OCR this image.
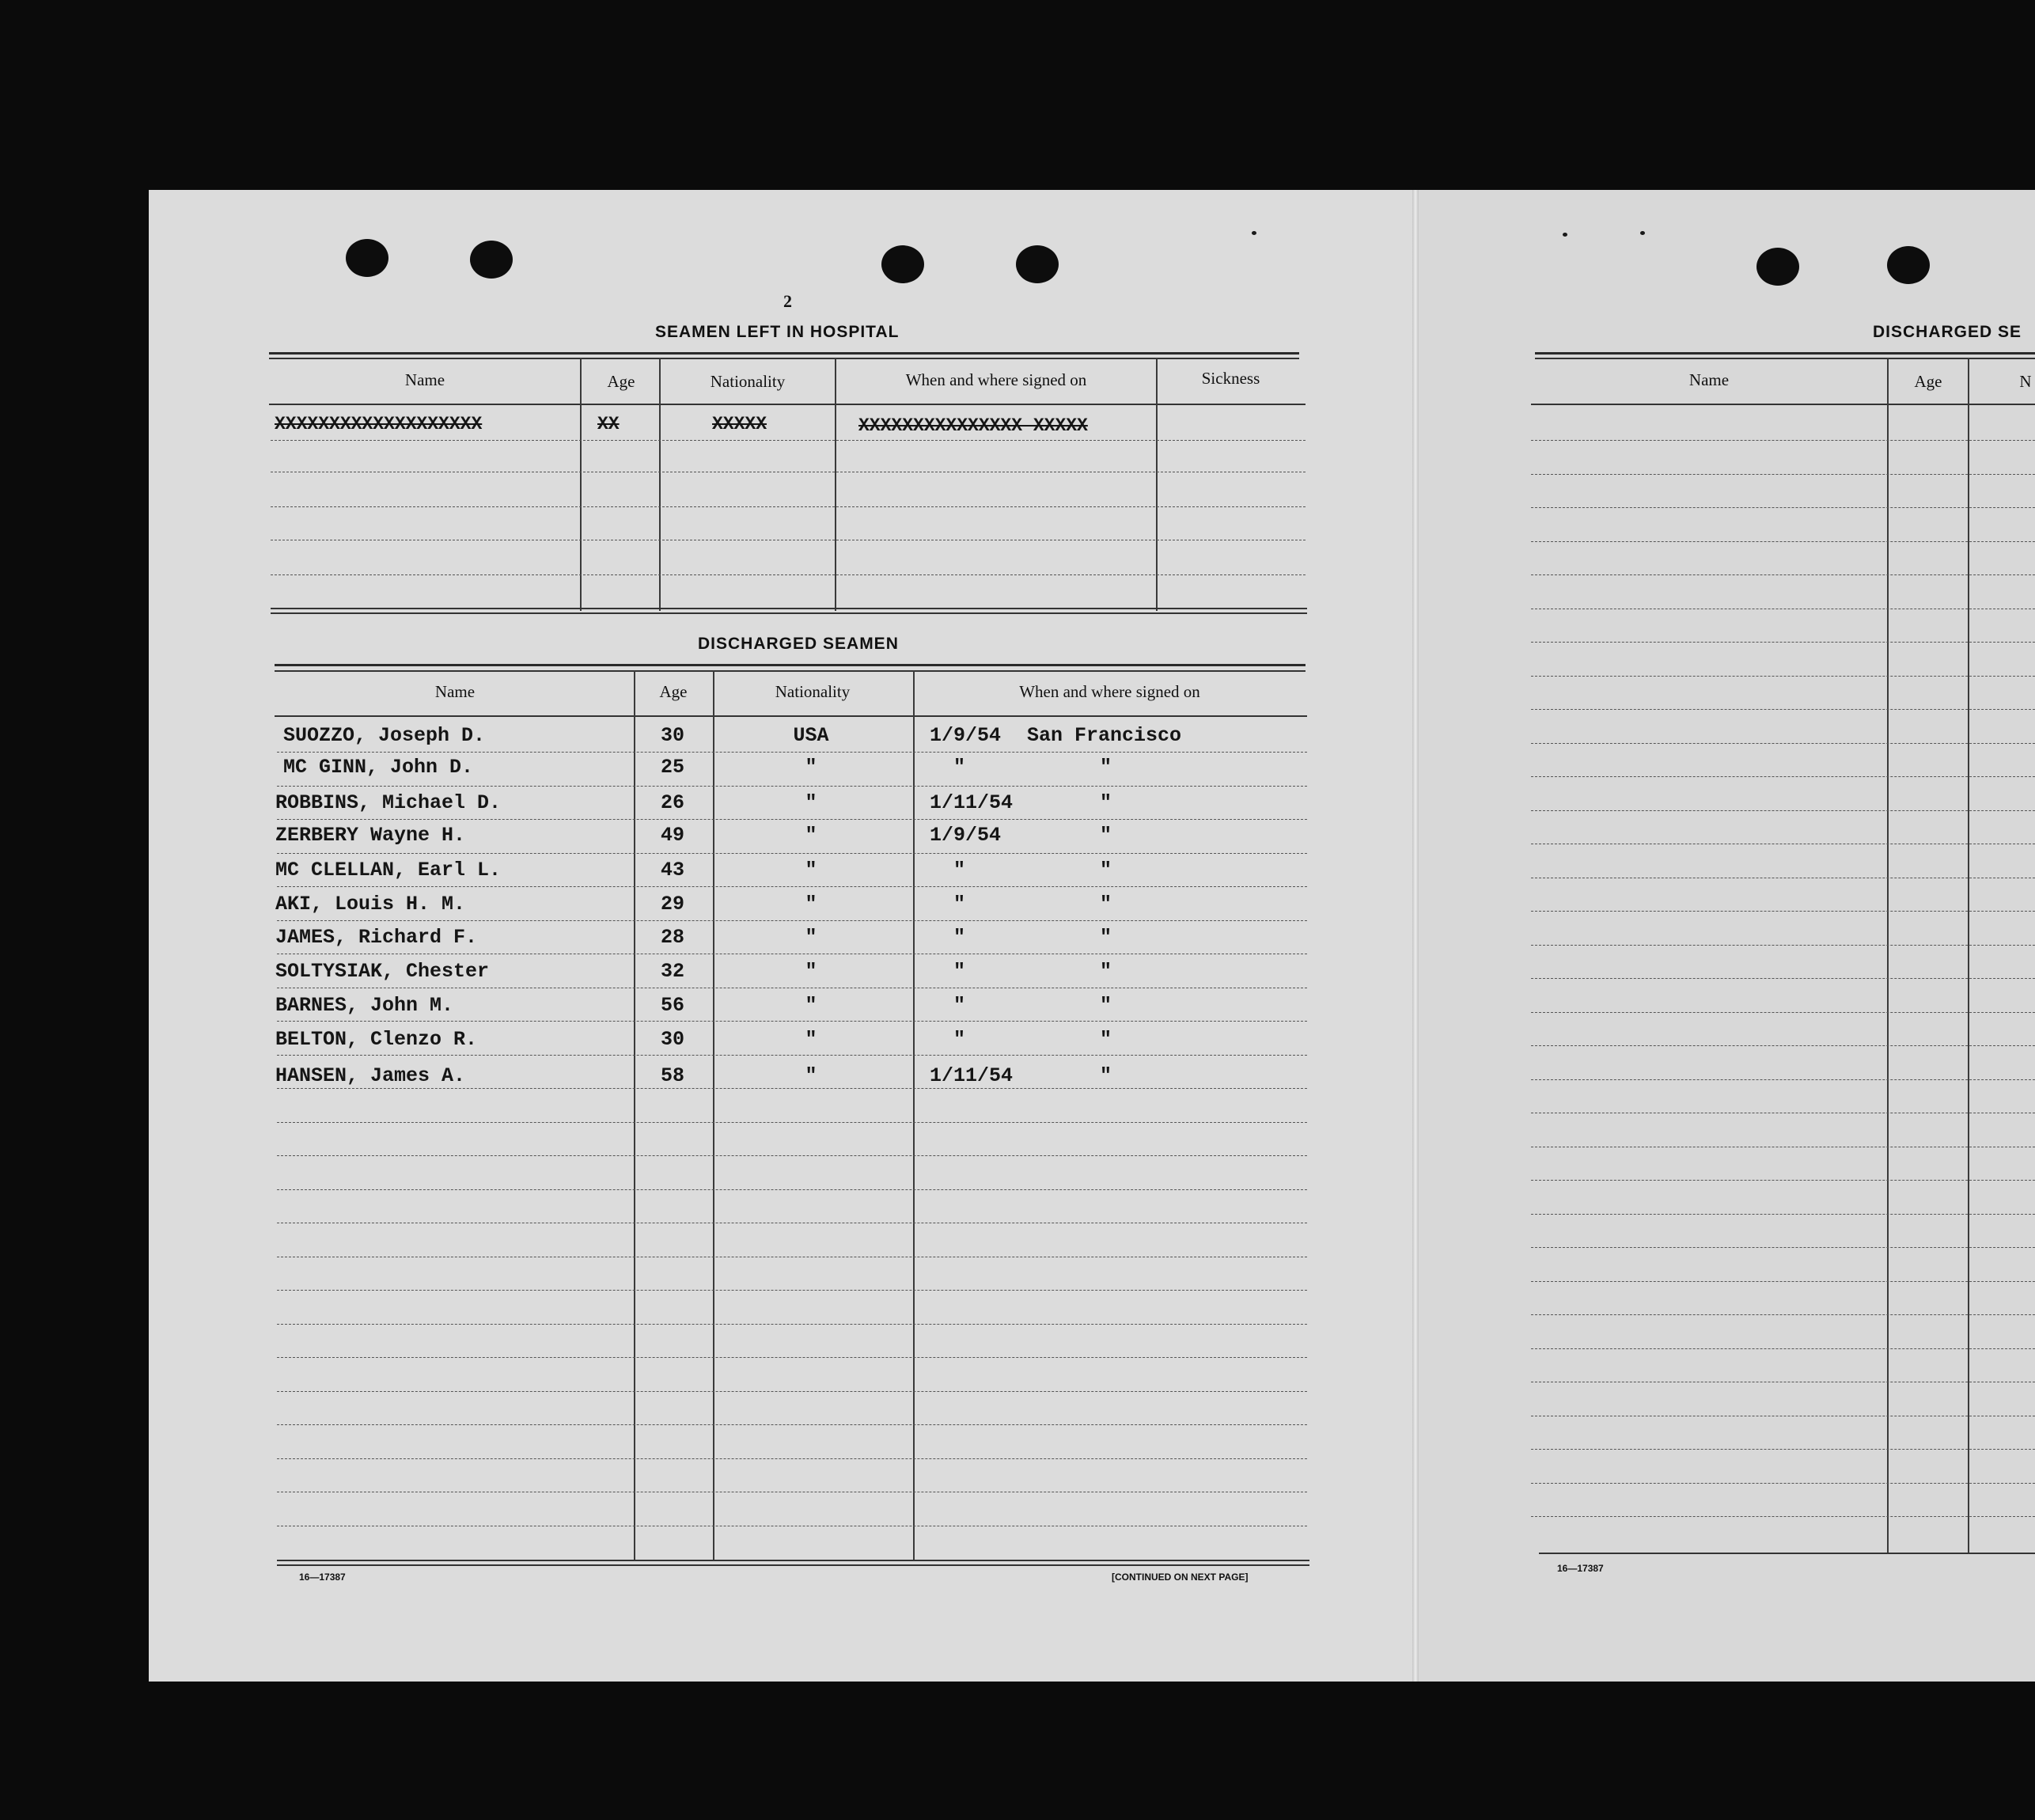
2
SEAMEN LEFT IN HOSPITAL
Name	Age	Nationality	When and where signed on	Sickness
XXXXXXXXXXXXXXXXXXX	XX	XXXXX	XXXXXXXXXXXXXXX XXXXX
DISCHARGED SEAMEN
Name	Age	Nationality	When and where signed on
SUOZZO, Joseph D.	30	USA	1/9/54 San Francisco
MC GINN, John D.	25	"	"	"
ROBBINS, Michael D.	26	"	1/11/54	"
ZERBERY Wayne H.	49	"	1/9/54	"
MC CLELLAN, Earl L.	43	"	"	"
AKI, Louis H. M.	29	"	"	"
JAMES, Richard F.	28	"	"	"
SOLTYSIAK, Chester	32	"	"	"
BARNES, John M.	56	"	"	"
BELTON, Clenzo R.	30	"	"	"
HANSEN, James A.	58	"	1/11/54	"
16—17387	[CONTINUED ON NEXT PAGE]
DISCHARGED SE
Name	Age	N
16—17387
